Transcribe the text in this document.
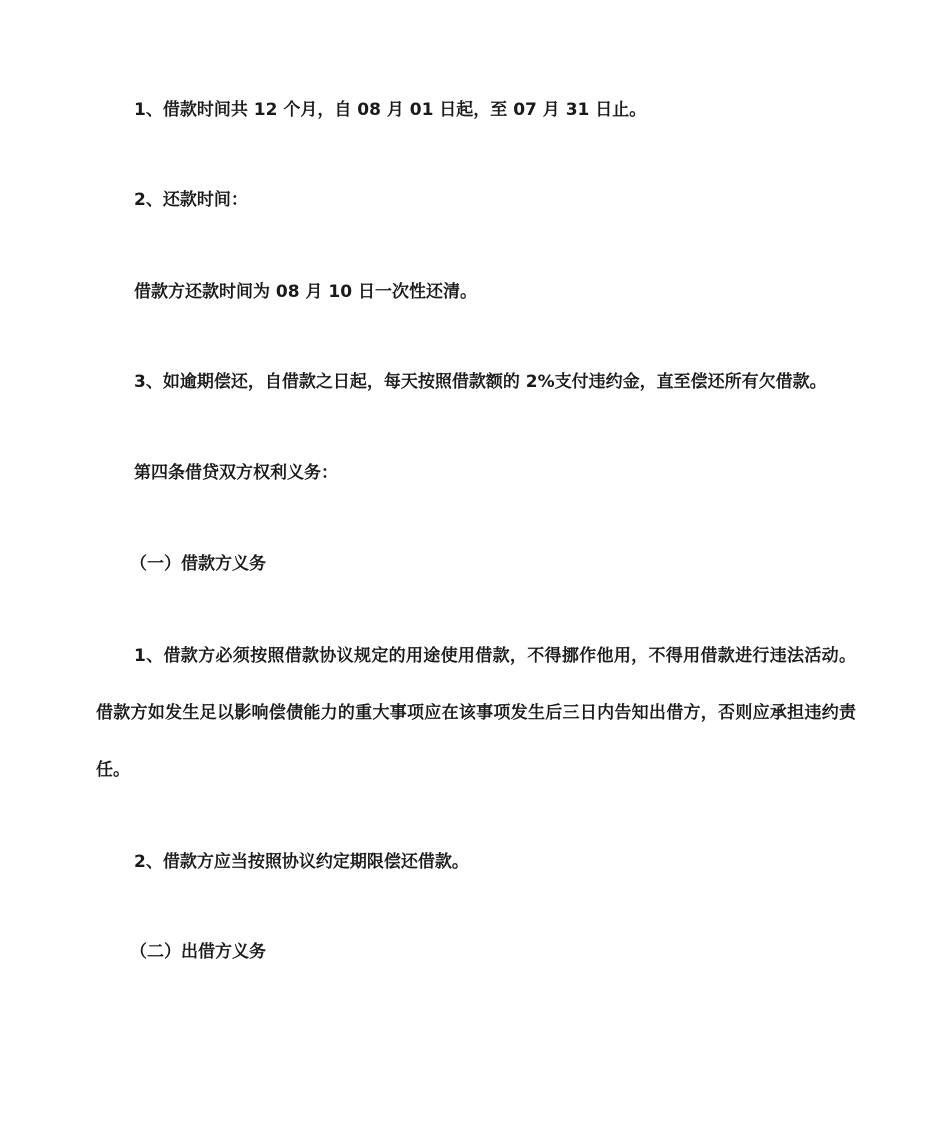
1、借款时间共 12 个月，自 08 月 01 日起，至 07 月 31 日止。
2、还款时间：
借款方还款时间为 08 月 10 日一次性还清。
3、如逾期偿还，自借款之日起，每天按照借款额的 2%支付违约金，直至偿还所有欠借款。
第四条借贷双方权利义务：
（一）借款方义务
1、借款方必须按照借款协议规定的用途使用借款，不得挪作他用，不得用借款进行违法活动。借款方如发生足以影响偿债能力的重大事项应在该事项发生后三日内告知出借方，否则应承担违约责任。
2、借款方应当按照协议约定期限偿还借款。
（二）出借方义务
